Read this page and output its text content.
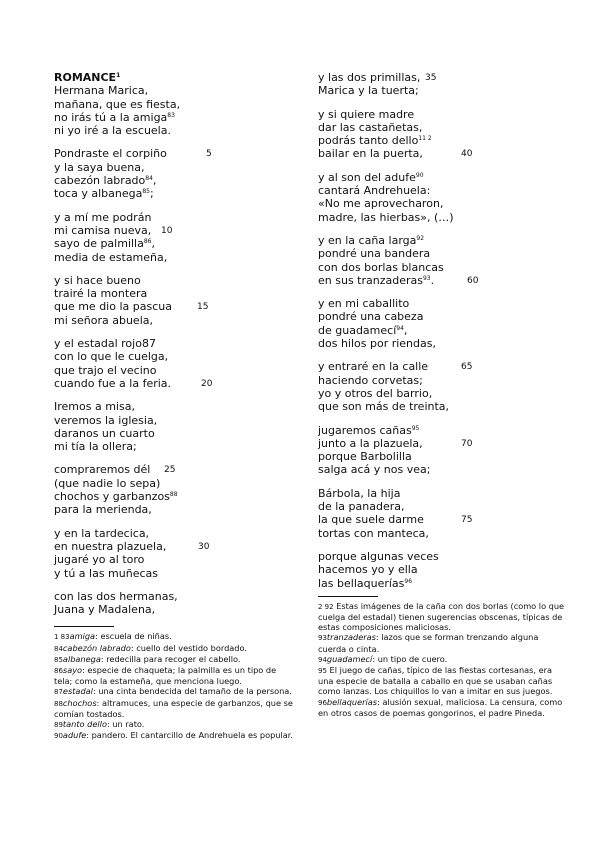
ROMANCE$^1$
Hermana Marica,
mañana, que es fiesta,
no irás tú a la amiga$^{83}$
ni yo iré a la escuela.
Pondraste el corpiño	5
y la saya buena,
cabezón labrado$^{84}$,
toca y albanega$^{85}$;
y a mí me podrán
mi camisa nueva, 10
sayo de palmilla$^{86}$,
media de estameña,
y si hace bueno
trairé la montera
que me dio la pascua	15
mi señora abuela,
y el estadal rojo87
con lo que le cuelga,
que trajo el vecino
cuando fue a la feria.	20
Iremos a misa,
veremos la iglesia,
daranos un cuarto
mi tía la ollera;
compraremos dél 25
(que nadie lo sepa)
chochos y garbanzos$^{88}$
para la merienda,
y en la tardecica,
en nuestra plazuela,	30
jugaré yo al toro
y tú a las muñecas
con las dos hermanas,
Juana y Madalena,

1 83amiga: escuela de niñas.

84cabezón labrado: cuello del vestido bordado.

85albanega: redecilla para recoger el cabello.

86sayo: especie de chaqueta; la palmilla es un tipo de tela; como la estameña, que menciona luego.

87estadal: una cinta bendecida del tamaño de la persona.

88chochos: altramuces, una especie de garbanzos, que se comían tostados.

89tanto dello: un rato.

90adufe: pandero. El cantarcillo de Andrehuela es popular.

y las dos primillas, 35
Marica y la tuerta;
y si quiere madre
dar las castañetas,
podrás tanto dello$^{11 2}$
bailar en la puerta,	40
y al son del adufe$^{90}$
cantará Andrehuela:
«No me aprovecharon,
madre, las hierbas», (…)
y en la caña larga$^{92}$
pondré una bandera
con dos borlas blancas
en sus tranzaderas$^{93}$.	60
y en mi caballito
pondré una cabeza
de guadamecí$^{94}$,
dos hilos por riendas,
y entraré en la calle	65
haciendo corvetas;
yo y otros del barrio,
que son más de treinta,
jugaremos cañas$^{95}$
junto a la plazuela,	70
porque Barbolilla
salga acá y nos vea;
Bárbola, la hija
de la panadera,
la que suele darme	75
tortas con manteca,
porque algunas veces
hacemos yo y ella
las bellaquerías$^{96}$

2 92 Estas imágenes de la caña con dos borlas (como lo que cuelga del estadal) tienen sugerencias obscenas, típicas de estas composiciones maliciosas.

93tranzaderas: lazos que se forman trenzando alguna cuerda o cinta.

94guadamecí: un tipo de cuero.

95 El juego de cañas, típico de las fiestas cortesanas, era una especie de batalla a caballo en que se usaban cañas como lanzas. Los chiquillos lo van a imitar en sus juegos.

96bellaquerías: alusión sexual, maliciosa. La censura, como en otros casos de poemas gongorinos, el padre Pineda.
